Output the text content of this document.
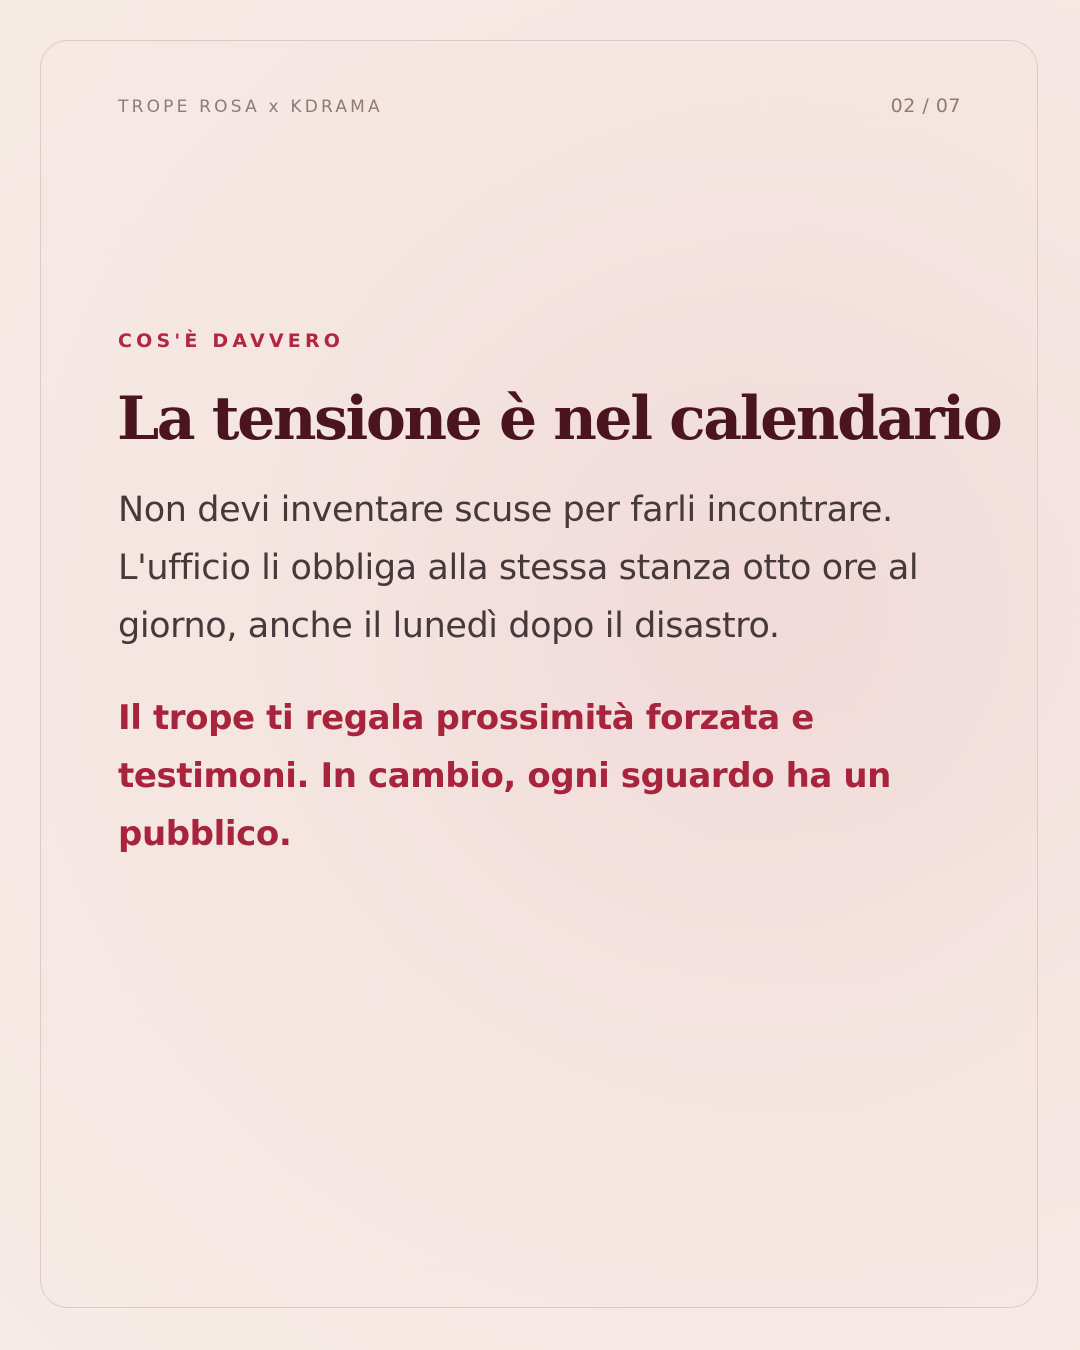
TROPE ROSA x KDRAMA	02 / 07
COS'È DAVVERO
La tensione è nel calendario

Non devi inventare scuse per farli incontrare. L'ufficio li obbliga alla stessa stanza otto ore al giorno, anche il lunedì dopo il disastro.

Il trope ti regala prossimità forzata e testimoni. In cambio, ogni sguardo ha un pubblico.
